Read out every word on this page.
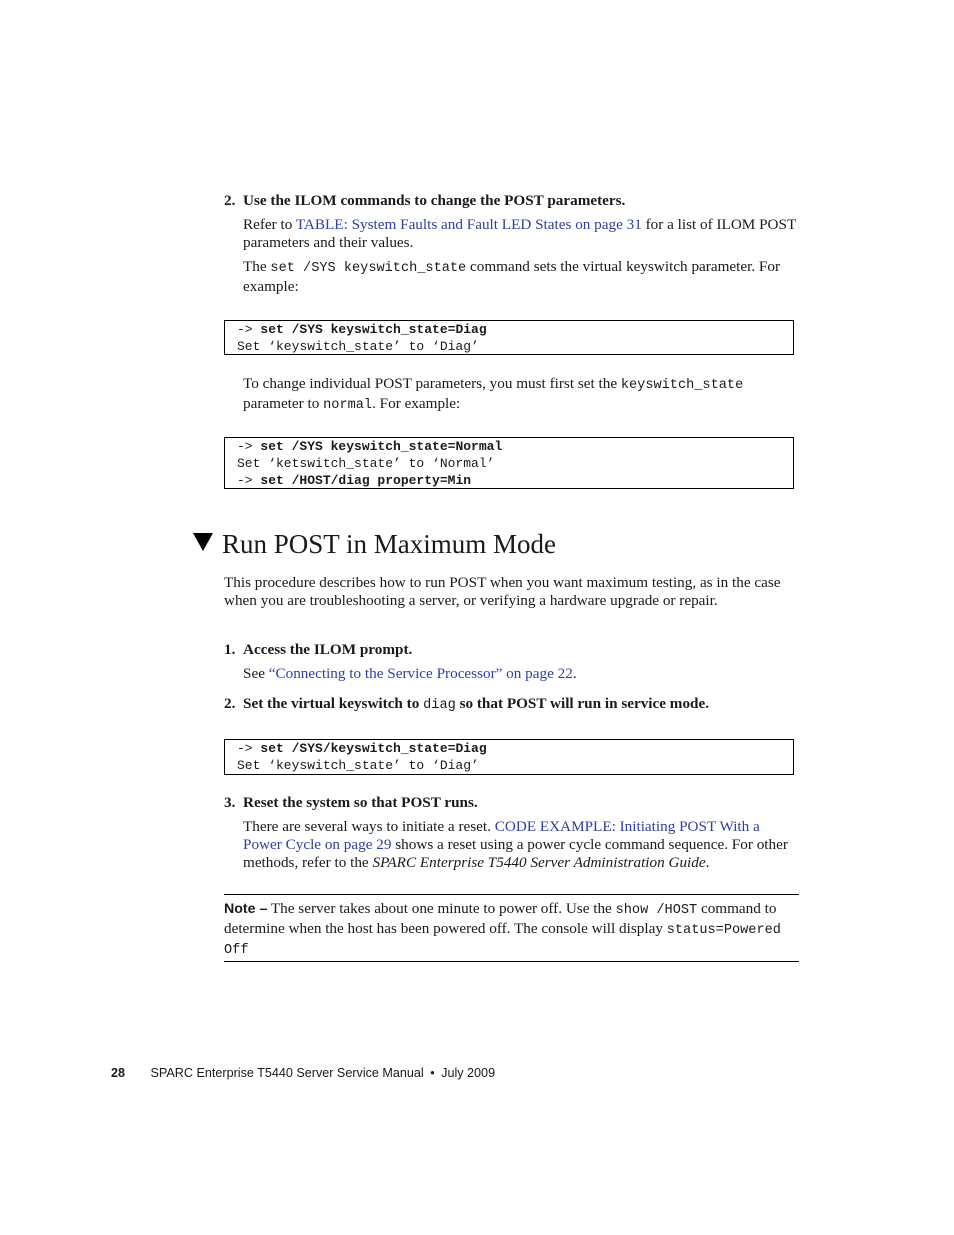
2. Use the ILOM commands to change the POST parameters.
Refer to TABLE: System Faults and Fault LED States on page 31 for a list of ILOM POST parameters and their values.
The set /SYS keyswitch_state command sets the virtual keyswitch parameter. For example:
-> set /SYS keyswitch_state=Diag
Set ‘keyswitch_state’ to ‘Diag’
To change individual POST parameters, you must first set the keyswitch_state parameter to normal. For example:
-> set /SYS keyswitch_state=Normal
Set ‘ketswitch_state’ to ‘Normal’
-> set /HOST/diag property=Min
Run POST in Maximum Mode
This procedure describes how to run POST when you want maximum testing, as in the case when you are troubleshooting a server, or verifying a hardware upgrade or repair.
1. Access the ILOM prompt.
See “Connecting to the Service Processor” on page 22.
2. Set the virtual keyswitch to diag so that POST will run in service mode.
-> set /SYS/keyswitch_state=Diag
Set ‘keyswitch_state’ to ‘Diag’
3. Reset the system so that POST runs.
There are several ways to initiate a reset. CODE EXAMPLE: Initiating POST With a Power Cycle on page 29 shows a reset using a power cycle command sequence. For other methods, refer to the SPARC Enterprise T5440 Server Administration Guide.
Note – The server takes about one minute to power off. Use the show /HOST command to determine when the host has been powered off. The console will display status=Powered Off
28 SPARC Enterprise T5440 Server Service Manual • July 2009
